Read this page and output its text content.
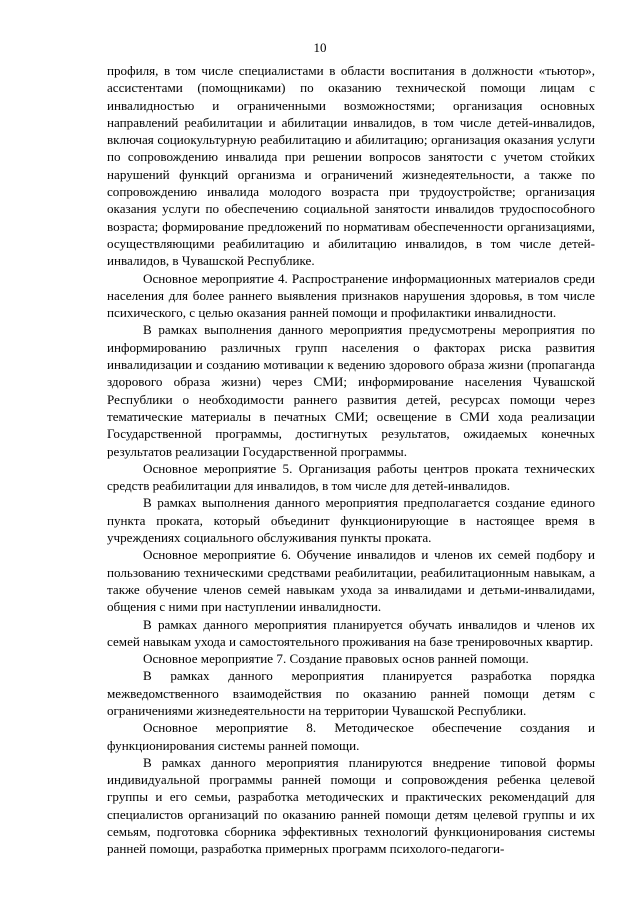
10

профиля, в том числе специалистами в области воспитания в должности «тьютор», ассистентами (помощниками) по оказанию технической помощи лицам с инвалидностью и ограниченными возможностями; организация основных направлений реабилитации и абилитации инвалидов, в том числе детей-инвалидов, включая социокультурную реабилитацию и абилитацию; организация оказания услуги по сопровождению инвалида при решении вопросов занятости с учетом стойких нарушений функций организма и ограничений жизнедеятельности, а также по сопровождению инвалида молодого возраста при трудоустройстве; организация оказания услуги по обеспечению социальной занятости инвалидов трудоспособного возраста; формирование предложений по нормативам обеспеченности организациями, осуществляющими реабилитацию и абилитацию инвалидов, в том числе детей-инвалидов, в Чувашской Республике.

Основное мероприятие 4. Распространение информационных материалов среди населения для более раннего выявления признаков нарушения здоровья, в том числе психического, с целью оказания ранней помощи и профилактики инвалидности.

В рамках выполнения данного мероприятия предусмотрены мероприятия по информированию различных групп населения о факторах риска развития инвалидизации и созданию мотивации к ведению здорового образа жизни (пропаганда здорового образа жизни) через СМИ; информирование населения Чувашской Республики о необходимости раннего развития детей, ресурсах помощи через тематические материалы в печатных СМИ; освещение в СМИ хода реализации Государственной программы, достигнутых результатов, ожидаемых конечных результатов реализации Государственной программы.

Основное мероприятие 5. Организация работы центров проката технических средств реабилитации для инвалидов, в том числе для детей-инвалидов.

В рамках выполнения данного мероприятия предполагается создание единого пункта проката, который объединит функционирующие в настоящее время в учреждениях социального обслуживания пункты проката.

Основное мероприятие 6. Обучение инвалидов и членов их семей подбору и пользованию техническими средствами реабилитации, реабилитационным навыкам, а также обучение членов семей навыкам ухода за инвалидами и детьми-инвалидами, общения с ними при наступлении инвалидности.

В рамках данного мероприятия планируется обучать инвалидов и членов их семей навыкам ухода и самостоятельного проживания на базе тренировочных квартир.

Основное мероприятие 7. Создание правовых основ ранней помощи.

В рамках данного мероприятия планируется разработка порядка межведомственного взаимодействия по оказанию ранней помощи детям с ограничениями жизнедеятельности на территории Чувашской Республики.

Основное мероприятие 8. Методическое обеспечение создания и функционирования системы ранней помощи.

В рамках данного мероприятия планируются внедрение типовой формы индивидуальной программы ранней помощи и сопровождения ребенка целевой группы и его семьи, разработка методических и практических рекомендаций для специалистов организаций по оказанию ранней помощи детям целевой группы и их семьям, подготовка сборника эффективных технологий функционирования системы ранней помощи, разработка примерных программ психолого-педагоги-
